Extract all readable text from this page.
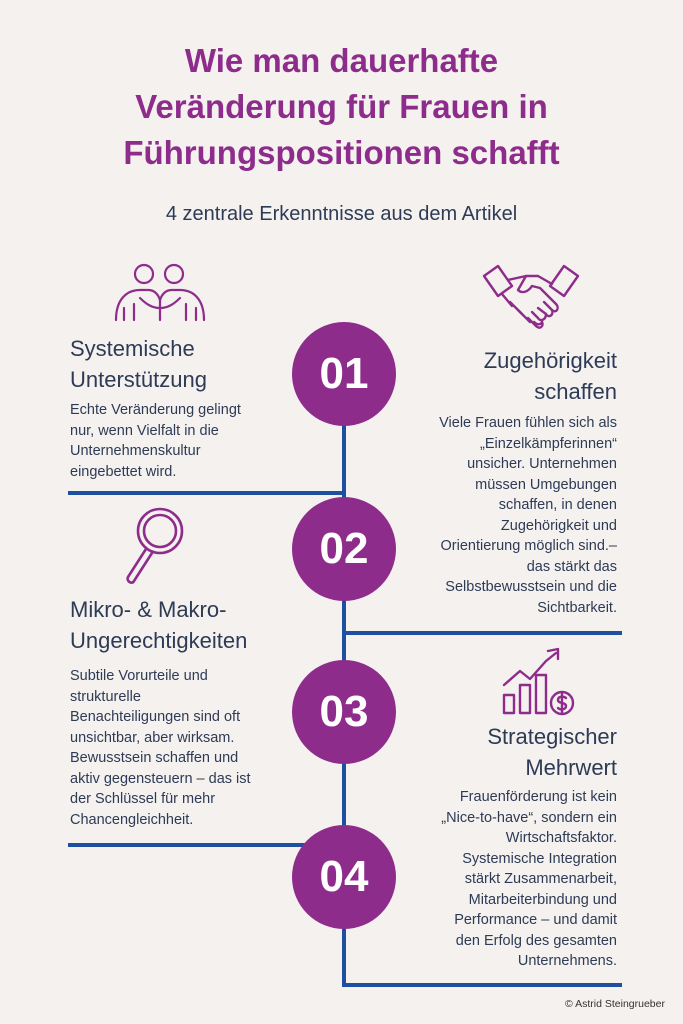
Wie man dauerhafte
Veränderung für Frauen in
Führungspositionen schafft

4 zentrale Erkenntnisse aus dem Artikel

01
02
03
04
Systemische
Unterstützung

Echte Veränderung gelingt
nur, wenn Vielfalt in die
Unternehmenskultur
eingebettet wird.

Zugehörigkeit
schaffen

Viele Frauen fühlen sich als
„Einzelkämpferinnen“
unsicher. Unternehmen
müssen Umgebungen
schaffen, in denen
Zugehörigkeit und
Orientierung möglich sind.–
das stärkt das
Selbstbewusstsein und die
Sichtbarkeit.

Mikro- & Makro-
Ungerechtigkeiten

Subtile Vorurteile und
strukturelle
Benachteiligungen sind oft
unsichtbar, aber wirksam.
Bewusstsein schaffen und
aktiv gegensteuern – das ist
der Schlüssel für mehr
Chancengleichheit.

Strategischer
Mehrwert

Frauenförderung ist kein
„Nice-to-have“, sondern ein
Wirtschaftsfaktor.
Systemische Integration
stärkt Zusammenarbeit,
Mitarbeiterbindung und
Performance – und damit
den Erfolg des gesamten
Unternehmens.

© Astrid Steingrueber
